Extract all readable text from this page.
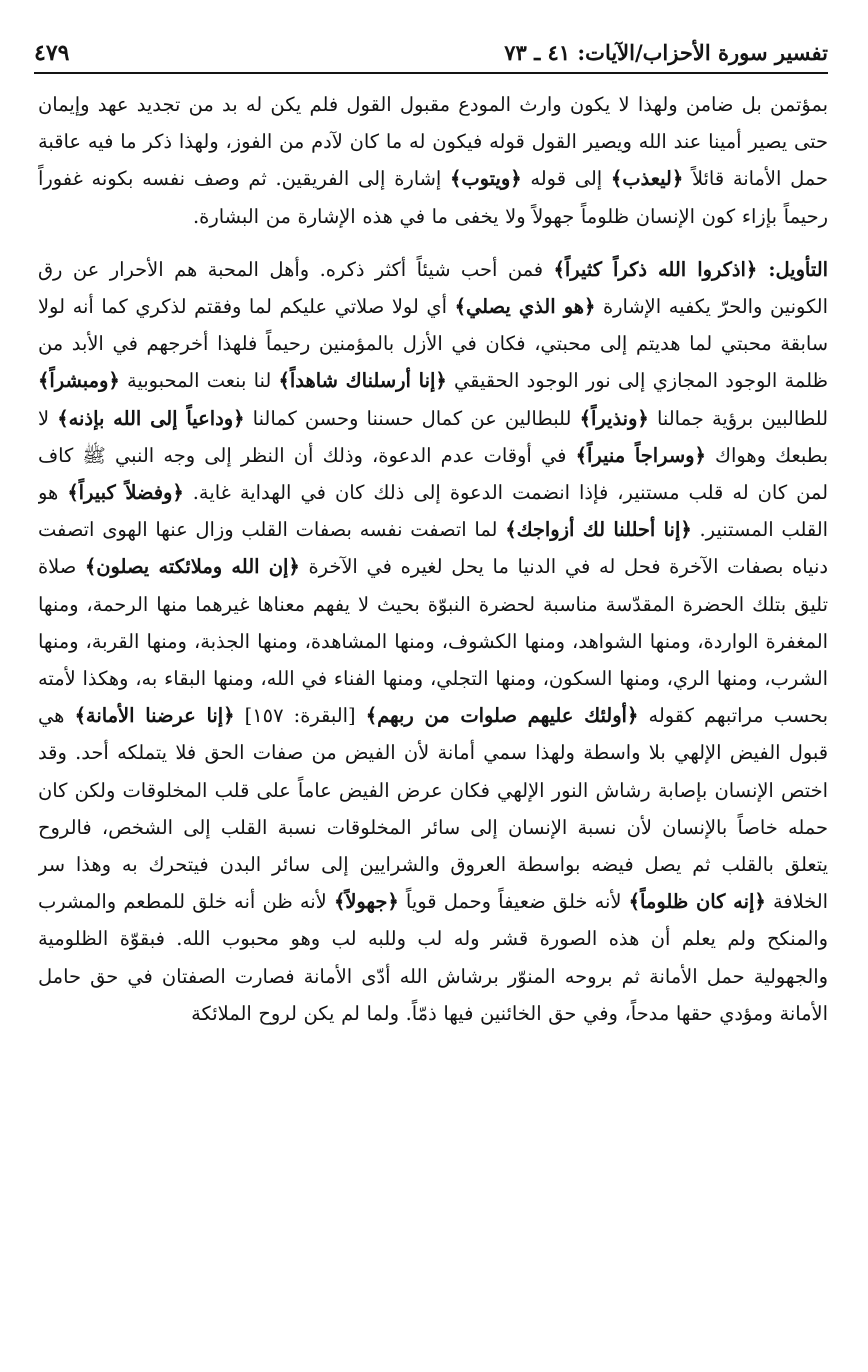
تفسير سورة الأحزاب/الآيات: ٤١ ـ ٧٣
٤٧٩

بمؤتمن بل ضامن ولهذا لا يكون وارث المودع مقبول القول فلم يكن له بد من تجديد عهد وإيمان حتى يصير أمينا عند الله ويصير القول قوله فيكون له ما كان لآدم من الفوز، ولهذا ذكر ما فيه عاقبة حمل الأمانة قائلاً ﴿ليعذب﴾ إلى قوله ﴿ويتوب﴾ إشارة إلى الفريقين. ثم وصف نفسه بكونه غفوراً رحيماً بإزاء كون الإنسان ظلوماً جهولاً ولا يخفى ما في هذه الإشارة من البشارة.

التأويل: ﴿اذكروا الله ذكراً كثيراً﴾ فمن أحب شيئاً أكثر ذكره. وأهل المحبة هم الأحرار عن رق الكونين والحرّ يكفيه الإشارة ﴿هو الذي يصلي﴾ أي لولا صلاتي عليكم لما وفقتم لذكري كما أنه لولا سابقة محبتي لما هديتم إلى محبتي، فكان في الأزل بالمؤمنين رحيماً فلهذا أخرجهم في الأبد من ظلمة الوجود المجازي إلى نور الوجود الحقيقي ﴿إنا أرسلناك شاهداً﴾ لنا بنعت المحبوبية ﴿ومبشراً﴾ للطالبين برؤية جمالنا ﴿ونذيراً﴾ للبطالين عن كمال حسننا وحسن كمالنا ﴿وداعياً إلى الله بإذنه﴾ لا بطبعك وهواك ﴿وسراجاً منيراً﴾ في أوقات عدم الدعوة، وذلك أن النظر إلى وجه النبي ﷺ كاف لمن كان له قلب مستنير، فإذا انضمت الدعوة إلى ذلك كان في الهداية غاية. ﴿وفضلاً كبيراً﴾ هو القلب المستنير. ﴿إنا أحللنا لك أزواجك﴾ لما اتصفت نفسه بصفات القلب وزال عنها الهوى اتصفت دنياه بصفات الآخرة فحل له في الدنيا ما يحل لغيره في الآخرة ﴿إن الله وملائكته يصلون﴾ صلاة تليق بتلك الحضرة المقدّسة مناسبة لحضرة النبوّة بحيث لا يفهم معناها غيرهما منها الرحمة، ومنها المغفرة الواردة، ومنها الشواهد، ومنها الكشوف، ومنها المشاهدة، ومنها الجذبة، ومنها القربة، ومنها الشرب، ومنها الري، ومنها السكون، ومنها التجلي، ومنها الفناء في الله، ومنها البقاء به، وهكذا لأمته بحسب مراتبهم كقوله ﴿أولئك عليهم صلوات من ربهم﴾ [البقرة: ١٥٧] ﴿إنا عرضنا الأمانة﴾ هي قبول الفيض الإلهي بلا واسطة ولهذا سمي أمانة لأن الفيض من صفات الحق فلا يتملكه أحد. وقد اختص الإنسان بإصابة رشاش النور الإلهي فكان عرض الفيض عاماً على قلب المخلوقات ولكن كان حمله خاصاً بالإنسان لأن نسبة الإنسان إلى سائر المخلوقات نسبة القلب إلى الشخص، فالروح يتعلق بالقلب ثم يصل فيضه بواسطة العروق والشرايين إلى سائر البدن فيتحرك به وهذا سر الخلافة ﴿إنه كان ظلوماً﴾ لأنه خلق ضعيفاً وحمل قوياً ﴿جهولاً﴾ لأنه ظن أنه خلق للمطعم والمشرب والمنكح ولم يعلم أن هذه الصورة قشر وله لب وللبه لب وهو محبوب الله. فبقوّة الظلومية والجهولية حمل الأمانة ثم بروحه المنوّر برشاش الله أدّى الأمانة فصارت الصفتان في حق حامل الأمانة ومؤدي حقها مدحاً، وفي حق الخائنين فيها ذمّاً. ولما لم يكن لروح الملائكة
